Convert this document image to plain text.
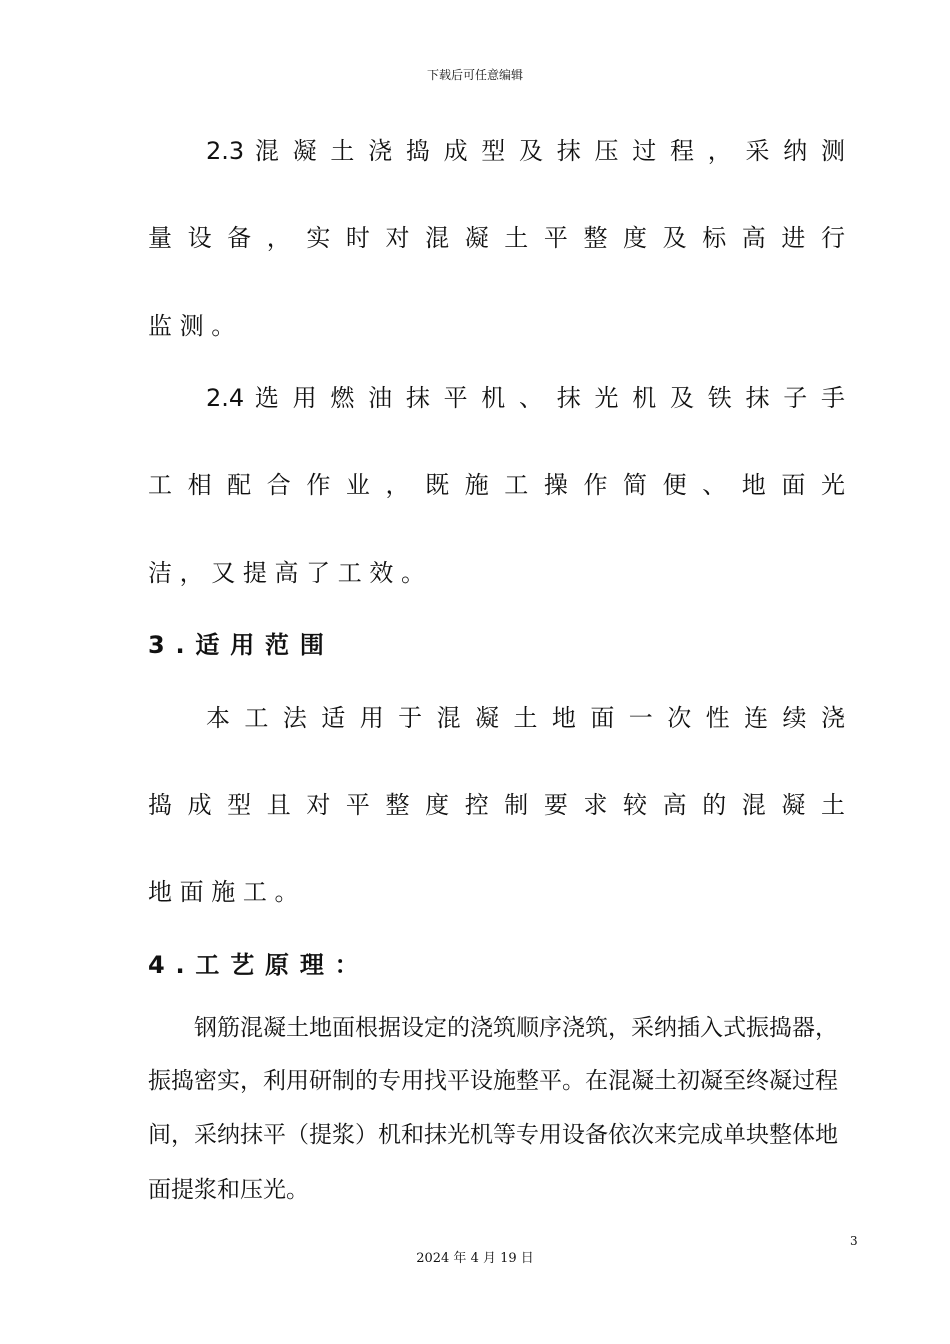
下载后可任意编辑
2.3 混 凝 土 浇 捣 成 型 及 抹 压 过 程 ， 采 纳 测
量 设 备 ， 实 时 对 混 凝 土 平 整 度 及 标 高 进 行
监 测 。
2.4 选 用 燃 油 抹 平 机 、 抹 光 机 及 铁 抹 子 手
工 相 配 合 作 业 ， 既 施 工 操 作 简 便 、 地 面 光
洁 ， 又 提 高 了 工 效 。
3.适用范围
本 工 法 适 用 于 混 凝 土 地 面 一 次 性 连 续 浇
捣 成 型 且 对 平 整 度 控 制 要 求 较 高 的 混 凝 土
地 面 施 工 。
4.工艺原理：
钢筋混凝土地面根据设定的浇筑顺序浇筑，采纳插入式振捣器，
振捣密实，利用研制的专用找平设施整平。在混凝土初凝至终凝过程
间，采纳抹平（提浆）机和抹光机等专用设备依次来完成单块整体地
面提浆和压光。
3
2024 年 4 月 19 日
